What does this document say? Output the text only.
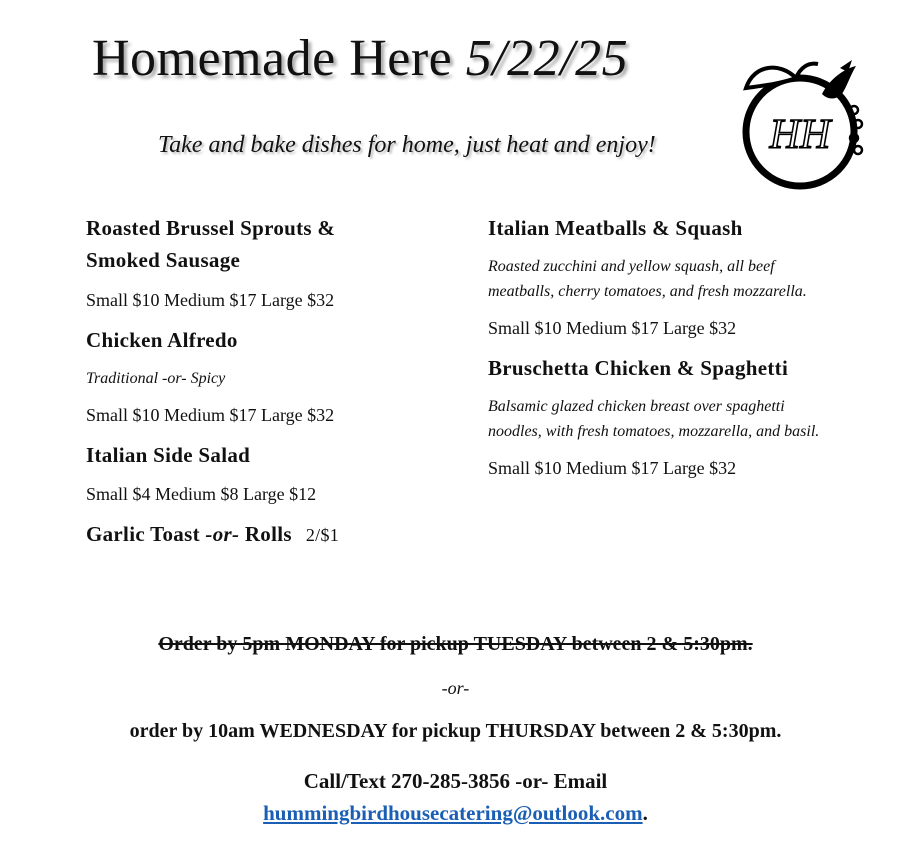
Homemade Here 5/22/25
Take and bake dishes for home, just heat and enjoy!	HH
Roasted Brussel Sprouts &
Smoked Sausage
Small $10 Medium $17 Large $32
Chicken Alfredo
Traditional -or- Spicy
Small $10 Medium $17 Large $32
Italian Side Salad
Small $4 Medium $8 Large $12
Garlic Toast -or- Rolls 2/$1
Italian Meatballs & Squash
Roasted zucchini and yellow squash, all beef meatballs, cherry tomatoes, and fresh mozzarella.
Small $10 Medium $17 Large $32
Bruschetta Chicken & Spaghetti
Balsamic glazed chicken breast over spaghetti noodles, with fresh tomatoes, mozzarella, and basil.
Small $10 Medium $17 Large $32
Order by 5pm MONDAY for pickup TUESDAY between 2 & 5:30pm.
-or-
order by 10am WEDNESDAY for pickup THURSDAY between 2 & 5:30pm.
Call/Text 270-285-3856 -or- Email
hummingbirdhousecatering@outlook.com.
